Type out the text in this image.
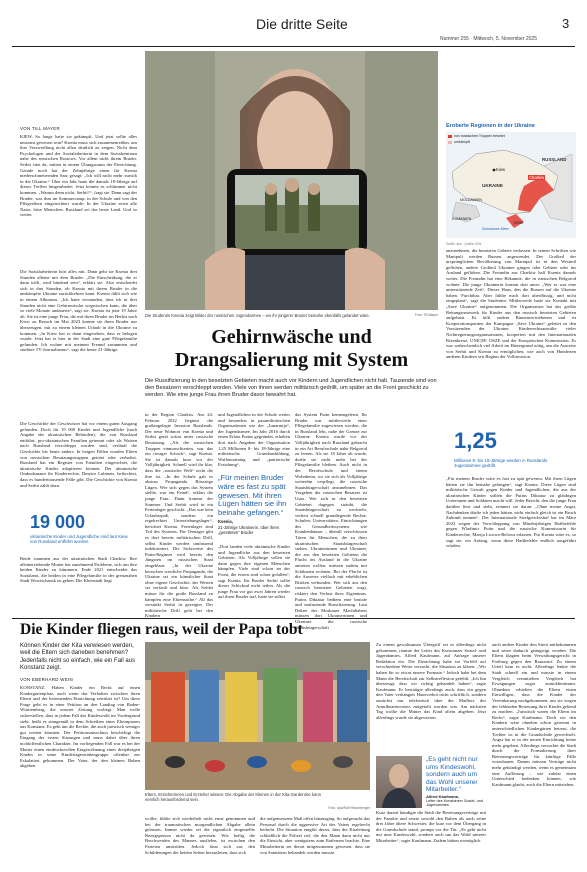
Die dritte Seite
Nummer 255 · Mittwoch, 5. November 2025
3
Die Studentin Ksenia zeigt Bilder der russischen Jugendarmee – wo ihr jüngerer Bruder beinahe ebenfalls gelandet wäre.	Foto: Till Mayer
VON TILL MAYER
KIEW. So lange hatte sie gekämpft. Und jetzt sollte alles umsonst gewesen sein? Ksenia muss sich zusammenreißen, um ihre Verzweiflung nicht allzu deutlich zu zeigen. Nicht dem Psychologen und der Sozialarbeiterin in dem Sozialzentrum nahe des russischen Rostows. Vor allem nicht ihrem Bruder. Serhii sitzt da, mitten in einem Übungsraum der Einrichtung. Gerade noch hat der Zehnjährige einen für Ksenia niederschmetternden Satz gesagt: „Ich will nicht mehr zurück in die Ukraine.“ Über ein Jahr hatte die damals 18-Jährige auf dieses Treffen hingearbeitet. Jetzt könnte es schlimmer nicht kommen. „Warum denn nicht, Serhii?“, fragt sie. Dann sagt der Bruder, was ihm im Sommercamp, in der Schule und von den Pflegeeltern eingetrichtert wurde: In der Ukraine seien alle Nazis, böse Menschen. Russland sei das beste Land. Und so weiter.
Die Sozialarbeiterin hört alles mit. Dann geht sie Ksenia drei Stunden alleine mit dem Bruder. „Die Entscheidung, die er dann trifft, wird bindend sein“, erklärt sie. Also entscheidet sich in drei Stunden, ob Ksenia mit ihrem Bruder in die umkämpfte Ukraine zurückkehren kann. Ksenia fühlt sich wie in einem Albtraum. „Ich hatte verstanden, dass ich in drei Stunden nicht eine Gehirnwäsche wegwischen kann, die über so viele Monate andauerte“, sagt sie. Ksenia ist jetzt 19 Jahre alt. Sie ist eine junge Frau, die mit ihren Bruder im Herbst nach Kiew zu Besuch im Mai 2023 konnte sie ihren Bruder nur überzeugen, mit zu einem kleinen Urlaub in die Ukraine zu kommen. „In Kiew hat er dann eingesehen, dass er belogen wurde. Jetzt hat er hier in der Stadt eine gute Pflegefamilie gefunden. Ich wohne mit meinem Freund zusammen und studiere TV-Journalismus“, sagt die heute 21-Jährige.
Die Geschichte der Geschwister hat vor einem guten Ausgang gefunden. Doch für 19 000 Kinder und Jugendliche (nach Angabe der ukrainischen Behörden), die von Russland entführt, pro-ukrainischen Familien getrennt oder als Waisen nach Russland verschleppt worden sind, verläuft die Geschichte bis heute anders. In beigen Fällen wurden Eltern von russischen Besatzungstruppen getötet oder verhaftet. Russland hat ein Register von Familien eingerichtet, die ukrainische Kinder adoptieren können. Der ukrainische Ombudsmann für Kinderrechte, Dmytro Lubinets, befürchtet, dass es hunderttausende Fälle gibt. Die Geschichte von Ksenia und Serhii zählt dazu.
19 000
ukrainische Kinder und Jugendliche sind laut Kiew von Russland entführt worden.
Beide stammen aus der ukrainischen Stadt Charkiw. Ihre alleinerziehende Mutter hat zunehmend Probleme, sich um ihre beiden Kinder zu kümmern. Ende 2021 entscheidet das Sozialamt, die beiden in eine Pflegefamilie in der grenznahen Stadt Wowtschansk zu geben. Die Kleinstadt liegt
Gehirnwäsche und Drangsalierung mit System
Die Russifizierung in den besetzten Gebieten macht auch vor Kindern und Jugendlichen nicht halt. Tausende sind von den Besatzern verschleppt worden. Viele von ihnen werden militärisch gedrillt, um später an die Front geschickt zu werden. Wie eine junge Frau ihren Bruder davor bewahrt hat.
in der Region Charkiw. Am 24. Februar 2022 beginnt die großangelegte Invasion Russlands. Der neue Wohnort von Ksenia und Serhii gerät sofort unter russische Besatzung. „Als die russischen Truppen einmarschierten, war das ein riesiger Schock“, sagt Ksenia. Sie ist damals kurz vor der Volljährigkeit. Schnell wird ihr klar, dass die „russische Welt“ nicht die ihre ist. „In der Schule gab es abstrus Propaganda. Bösartige Lügen. Wer sich gegen das System stellte, war ein Feind“, erklärt die junge Frau. Dann kommt der Sommer. Und Serhii wird in ein Ferienlager geschickt. „Das war kein Urlaubsspaß, sondern ein regelrechtes Umerziehungslager“, berichtet Ksenia. Ferienlager sind Teil des Systems. Für Teenager gibt es dort bereits militärischen Drill, selbst Kinder werden umfassend indoktriniert. Die Sichtweise des Putin-Regimes wird bereits den Jüngsten im russischen Staat eingeblaut: „In der Ukraine herrschen westliche Propaganda, die Ukraine sei ein künstlicher Staat ohne eigene Geschichte, der Westen sei verfault und böse. Als Soldat müsse für die große Russland zu kämpfen eine Ehrensache.“ All das verstärkt Serhii in gezeigter. Der militärische Drill geht bei den Kindern
und Jugendlichen in der Schule weiter und besonders in paramilitärischen Organisationen wie der „Junarmija“, der Jugendarmee. Im Jahr 2016 durch einen Erlass Putins gegründet, erhalten dort nach Angaben der Organisation 1,25 Millionen 8- bis 18-Jährige eine militärische Grundausbildung, Waffentraining und „patriotische Erziehung“.
„Für meinen Bruder wäre es fast zu spät gewesen. Mit ihren Lügen hätten sie ihn beinahe gefangen.“
Ksenia,
21-Jährige Ukrainerin, über ihren „geretteten“ Bruder
„Dort landen viele ukrainische Kinder und Jugendliche aus den besetzten Gebieten. Als Volljährige sollen sie dann gegen ihre eigenen Menschen kämpfen. Viele sind schon an der Front, die ersten sind schon gefallen“, sagt Ksenia. Ihr Bruder Serhii sollte dieses Schicksal nicht teilen. Als die junge Frau vor gut zwei Jahren wieder auf ihren Bruder traf, hatte sie selbst
das System Putin kennengelernt. Ihr Bruder war mittlerweile einer Pflegefamilie zugewiesen worden, die in Russland lebt, nahe der Grenze zur Ukraine. Ksenia wurde vor der Volljährigkeit nach Russland gebracht in ein Art Berufsschule nahe Belgorod zu lernen. Als sie 18 Jahre alt wurde, durfte sie nicht mehr bei der Pflegefamilie bleiben. Auch nicht in der Berufsschule und einem Wohnheim, wo sie sich als Volljährige weiterhin verpflegt, die russische Staatsbürgerschaft anzunehmen. Das Vorgehen der russischen Besatzer ist Usus. Wer sich in den besetzten Gebieten dagegen sträubt, die Staatsbürgerschaft zu wechseln, verliert schnell grundlegende Rechte. Schulen, Universitäten, Einrichtungen des Gesundheitssystems wie Krankenhäuser – überall verschlossen Türen für Menschen, die zu ihrer ukrainischen Staatsbürgerschaft stehen. Ukrainerinnen und Ukrainer, die aus den besetzten Gebieten die Flucht ins Ausland in die Ukraine antreten wollen, müssen zudem mit Schikanen rechnen. Bei der Flucht ist die Ausreise vielfach mit erheblichen Risiken verbunden. Wer sich aus den russisch besetzten Gebieten wagt, riskiert den Verlust ihres Eigentums. Putins Diktatur bedient eine brutale und umfassende Russifizierung. Laut Dekret des Moskauer Machthabers müssen dort Ukrainerinnen und Ukrainer die russische Staatsbürgerschaft
Eroberte Regionen in der Ukraine
von russischen Truppen besetzt
umkämpft
RUSSLAND
Kiew
Charkiw
UKRAINE
MOLDAWIEN
RUMÄNIEN
Schwarzes Meer
KRIM
Grafik: dpa · Quelle: ISW
anzunehmen, die besetzten Gebiete verlassen. In seinen Schriften wie Manipuli werden Russen angewendet. Der Großteil der ursprünglichen Bevölkerung von Mariupol ist in den Westteil geflohen, andere Großteil Ukrainer gingen oder Gebiete oder ins Ausland geflohen. Die Freundin aus Charkiw half Ksenia damals weiter. Die Freundin hat eine Bekannte, die in russischen Belgorod wohnte. Die junge Ukrainerin kommt dort unter. „Wer es war eine unterstützende Zeit“, Dieser Haus, den die Russen auf die Ukraine haben. Furchtbar. Aber fühlte mich dort uberflüssig, und nicht eingeplant“, sagt die Studentin. Mittlerweile hatte sie Kontakt mit „Save Ukraine“ aufgenommen. Die Organisation hat das größte Rettungsnetzwerk für Kinder aus den russisch besetzten Gebieten aufgebaut. Es hilft zudem Binnenvertriebenen und ist Kooperationspartner der Kampagne „Save Ukraine“ geleitet zu den Vorsitzenden der Ukraine, Kinderrechtsanwälte vieler Nichtregierungsorganisationen, kooperiert mit den Internationalen Rotenkreuz, UNICEF, OSZE und der Europäischen Kommission. Es war wahrscheinlich viel Arbeit im Hintergrund nötig, um die Ausreise von Serhii und Ksenia zu ermöglichen, wie auch von Hunderten anderen Kindern seit Beginn der Vollinvasion.
1,25
Millionen 8- bis 18-Jährige werden in Russlands Jugendarmee gedrillt.
„Für meinen Bruder wäre es fast zu spät gewesen. Mit ihren Lügen hätten sie ihn beinahe gefangen“, sagt Ksenia. Diese Lügen sind militärische Gewalt gegen Kinder und Jugendlichen, die aus der ukrainischen Kinder sollten die Putins Diktatur zu gläubigen Untertanen und Soldaten macht will. Jeder Bericht, den die junge Frau darüber liest und sieht, erinnert sie daran: „Ohne meine Angst, Nachdenken dürfte ich jeden hätten, nicht einfach gleich ist ein Bruch Zukunft nennen“. Der Internationale Strafgerichtshof hat im März 2023 wegen der Verschleppung von Minderjährigen Haftbefehle gegen Wladimir Putin und die russische Kommissarin für Kinderrechte, Marija Lwowa-Belowa erlassen. Für Ksenia wäre es, so sagt sie, ein Anfang, wenn diese Haftbefehle endlich ausgeführt würden.
Die Kinder fliegen raus, weil der Papa tobt
Können Kinder der Kita verwiesen werden, weil die Eltern sich daneben benehmen? Jedenfalls nicht so einfach, wie ein Fall aus Konstanz zeigt.
VON EBERHARD WEIN
KONSTANZ. Haben Kinder ein Recht auf einen Kindergartenplatz, auch wenn das Verhalten zwischen ihren Eltern und der betreuenden Einrichtung zerrüttet ist? Um diese Frage geht es in einer Petition an den Landtag von Baden-Württemberg, die unserer Zeitung vorliegt. Man wolle sicherstellen, dass in jedem Fall das Kindeswohl im Vordergrund steht, heißt es sinngemäß in dem Schreiben eines Elternpaares aus Konstanz. Es geht um die Rechte, die auch juristisch weniger gut weiten könnten. Der Petitionsausschuss beschäftigt die Eingang der ersten Sitzungen und muss dabei über ihren nichtöffentlichen Charakter. Im vorliegenden Fall war es bei der Mutter einen eindrucksvollen Eingewöhnung eines dreijährigen Kindes in seine Kindertagesstättengruppe offenbar zur Eskalation gekommen. Der Vater, der den kleinen Buben abgeben
Eltern, Erzieherinnen und Erzieher wissen: Die Abgabe der Kleinen in der Kita-Garderobe kann nervlich herausfordernd sein.
Foto: dpa/Ralf Hirschberger
wollte, fühlte sich wiederholt nicht ernst genommen und bei der traumatischen morgendlichen Abgabe allein gelassen. Immer wieder sei die eigentlich eingestellte Bezugsperson nicht da gewesen. Wie heftig die Beschwerden des Mannes ausfielen, ist zwischen den Parteien umstritten. Jedoch lässt sich aus den Schilderungen der beiden Seiten herauslesen, dass sich
die aufgemessene Maß offen hinausging. So aufgesucht das Personal durch die aggressive Art des Vaters regelrecht bedroht. Die Situation entglitt derart, dass die Kitaleitung schließlich die Polizei rief, die den Mann dann nicht nur die Einsicht, aber wenigstens zum Entfernen brachte. Eine Mitarbeiterin sei derart mitgenommen gewesen, dass sie von Sanitätern behandelt werden musste.
Zu einem gewaltsamen Übergriff sei es allerdings nicht gekommen, räumte der Leiter des Konstanzer Sozial- und Jugendamtes, Alfred Kaufmann, auf Anfrage unserer Redaktion ein. Die Einrichtung habe im Vorfeld auf verschiedene Weise versucht, die Situation zu klären. „Wir haben für so etwas unsere Formate.“ Jedoch habe bei dem Mann die Bereitschaft zur Selbstreflexion gefehlt. „Ich bin überzeugt, dass wir richtig gehandelt haben“, sagte Kaufmann. Er bestätigte allerdings auch, dass ein gegen den Vater verhängtes Hausverbot nicht schriftlich, sondern zunächst nur telefonisch über die Mailbox des Anrufbeantworters mitgeteilt worden war. Am nächsten Tag wollte die Mutter das Kind allein abgeben. Jetzt allerdings wurde sie abgewiesen.
„Es geht nicht nur ums Kindeswohl, sondern auch um das Wohl unserer Mitarbeiter.“
Alfred Kaufmann,
Leiter des Konstanzer Sozial- und Jugendamtes
Kurz darauf kündigte die Stadt die Betreuungsverträge mit der Familie und setzte sowohl den Buben als auch seine drei Jahre ältere Schwester, die kurz vor dem Übergang in die Grundschule stand, prompt vor die Tür. „Es geht nicht nur ums Kindeswohl, sondern auch um das Wohl unserer Mitarbeiter“, sagte Kaufmann. Zudem hätten womöglich
auch andere Kinder den Streit mitbekommen und seien dadurch geängstigt worden. Die Eltern klagten beim Verwaltungsgericht in Freiburg gegen den Rauswurf. Zu einem Urteil kam es nicht. Allerdings lenkte die Stadt schnell ein und musste in einem Vergleich vermittelten Vergleich hat Erwägungen sogar zurückbestimmt. Ohnedem erhielten die Eltern einen Einwilligen, dass die Kinder der Vereinbarung nachgekommen, um sie wegen der fehlenden Betreuung ihrer Kinder geltend zu machen. „Juristisch waren die Eltern im Recht“, sagte Kaufmann. Doch vor den Kindern wäre ohnehin schon getrennt in unterschiedlichen Kindergärten betreut, die Tochter ist in die Grundschule gewechselt. Angst hat er in der neuen Einrichtung keine mehr gegeben. Allerdings versuchte die Stadt durch die Formulierung ihrer Betreuungsverträge für künftige Fälle vorzubauen. Damm müssen Verträge nicht mehr gekündigt werden, wenn es gemeinsam eine Auflösung – wie zuletzt einen Unterschied bedenken können, wie Kaufmann glaubt, auch die Eltern mitziehen.
